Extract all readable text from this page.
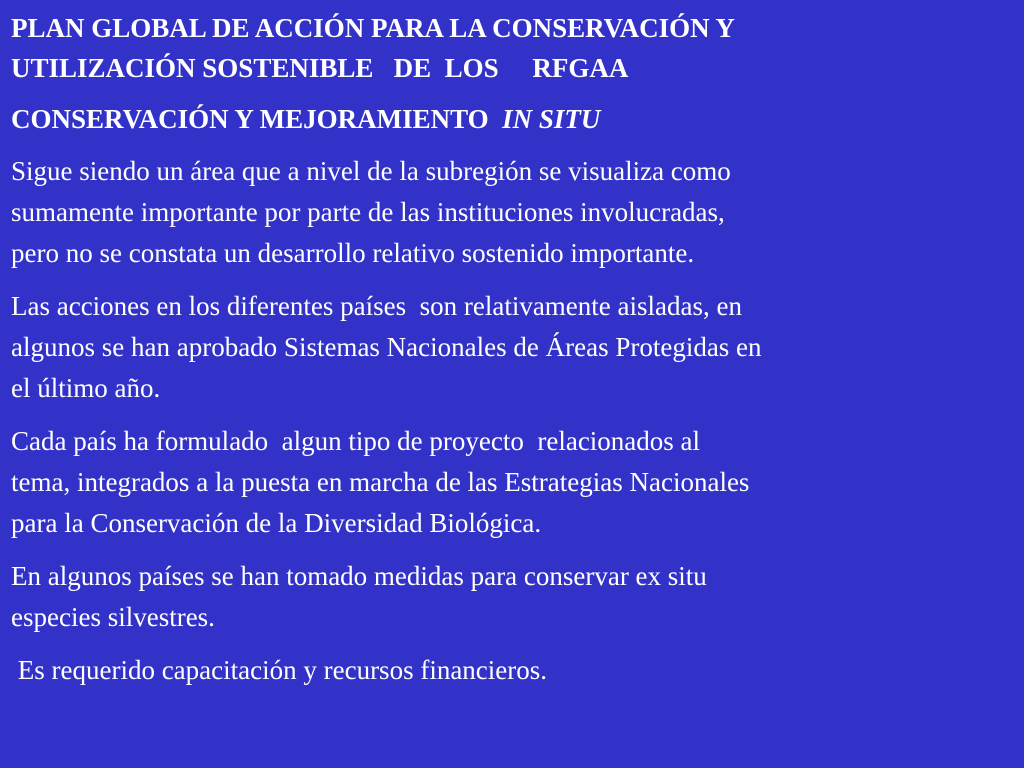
PLAN GLOBAL DE ACCIÓN PARA LA CONSERVACIÓN Y
UTILIZACIÓN SOSTENIBLE   DE  LOS     RFGAA
CONSERVACIÓN Y MEJORAMIENTO  IN SITU

Sigue siendo un área que a nivel de la subregión se visualiza como
sumamente importante por parte de las instituciones involucradas,
pero no se constata un desarrollo relativo sostenido importante.

Las acciones en los diferentes países  son relativamente aisladas, en
algunos se han aprobado Sistemas Nacionales de Áreas Protegidas en
el último año.

Cada país ha formulado  algun tipo de proyecto  relacionados al
tema, integrados a la puesta en marcha de las Estrategias Nacionales
para la Conservación de la Diversidad Biológica.

En algunos países se han tomado medidas para conservar ex situ
especies silvestres.

Es requerido capacitación y recursos financieros.
